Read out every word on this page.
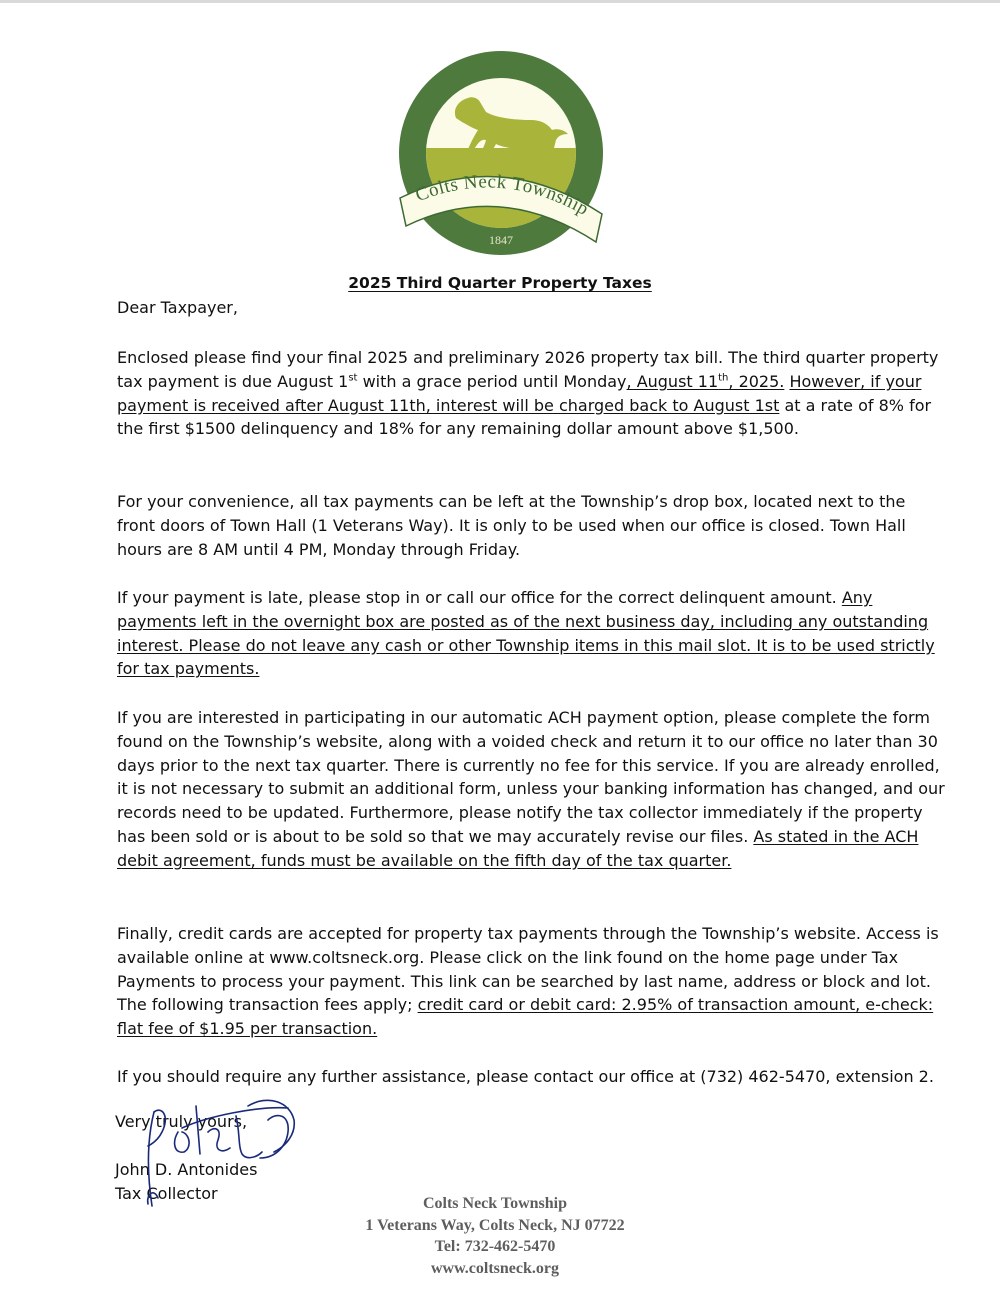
Colts Neck Township
1847
2025 Third Quarter Property Taxes
Dear Taxpayer,

Enclosed please find your final 2025 and preliminary 2026 property tax bill. The third quarter property tax payment is due August 1st with a grace period until Monday, August 11th, 2025. However, if your payment is received after August 11th, interest will be charged back to August 1st at a rate of 8% for the first $1500 delinquency and 18% for any remaining dollar amount above $1,500.

For your convenience, all tax payments can be left at the Township’s drop box, located next to the front doors of Town Hall (1 Veterans Way). It is only to be used when our office is closed. Town Hall hours are 8 AM until 4 PM, Monday through Friday.

If your payment is late, please stop in or call our office for the correct delinquent amount. Any payments left in the overnight box are posted as of the next business day, including any outstanding interest. Please do not leave any cash or other Township items in this mail slot. It is to be used strictly for tax payments.

If you are interested in participating in our automatic ACH payment option, please complete the form found on the Township’s website, along with a voided check and return it to our office no later than 30 days prior to the next tax quarter. There is currently no fee for this service. If you are already enrolled, it is not necessary to submit an additional form, unless your banking information has changed, and our records need to be updated. Furthermore, please notify the tax collector immediately if the property has been sold or is about to be sold so that we may accurately revise our files. As stated in the ACH debit agreement, funds must be available on the fifth day of the tax quarter.

Finally, credit cards are accepted for property tax payments through the Township’s website. Access is available online at www.coltsneck.org. Please click on the link found on the home page under Tax Payments to process your payment. This link can be searched by last name, address or block and lot. The following transaction fees apply; credit card or debit card: 2.95% of transaction amount, e-check: flat fee of $1.95 per transaction.

If you should require any further assistance, please contact our office at (732) 462-5470, extension 2.

Very truly yours,
John D. Antonides
Tax Collector
Colts Neck Township
1 Veterans Way, Colts Neck, NJ 07722
Tel: 732-462-5470
www.coltsneck.org
